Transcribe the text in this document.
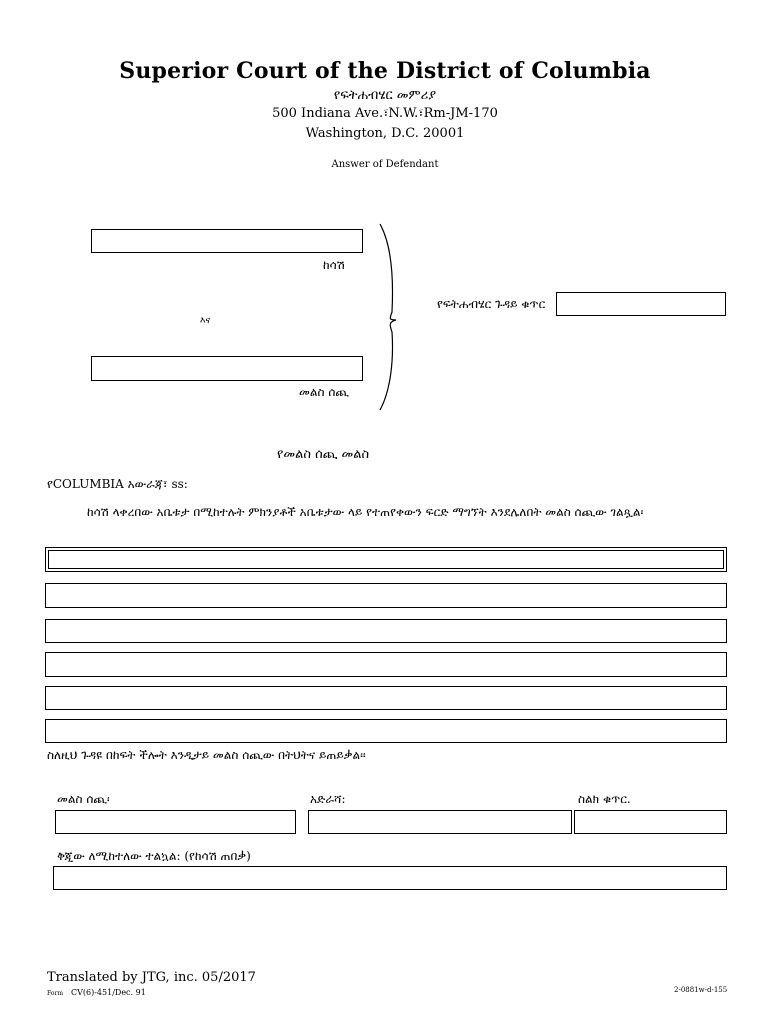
Superior Court of the District of Columbia
የፍትሐብሄር መምሪያ
500 Indiana Ave.፣N.W.፣Rm-JM-170
Washington, D.C. 20001
Answer of Defendant
ከሳሽ
እና
መልስ ሰጪ
የፍትሐብሄር ጉዳይ ቁጥር
የመልስ ሰጪ መልስ
የCOLUMBIA አውራጃ፣ ss:
ከሳሽ ላቀረበው አቤቱታ በሚከተሉት ምክንያቶች አቤቱታው ላይ የተጠየቀውን ፍርድ ማግኘት እንደሌለበት መልስ ሰጪው ገልጿል፡
ስለዚህ ጉዳዩ በከፍት ችሎት እንዲታይ መልስ ሰጪው በትህትና ይጠይቃል፡፡
መልስ ሰጪ፡	አድራሻ:	ስልክ ቁጥር.
ቅጂው ለሚከተለው ተልኳል: (የከሳሽ ጠበቃ)
Translated by JTG, inc. 05/2017
Form CV(6)-451/Dec. 91	2-0881w-d-155
